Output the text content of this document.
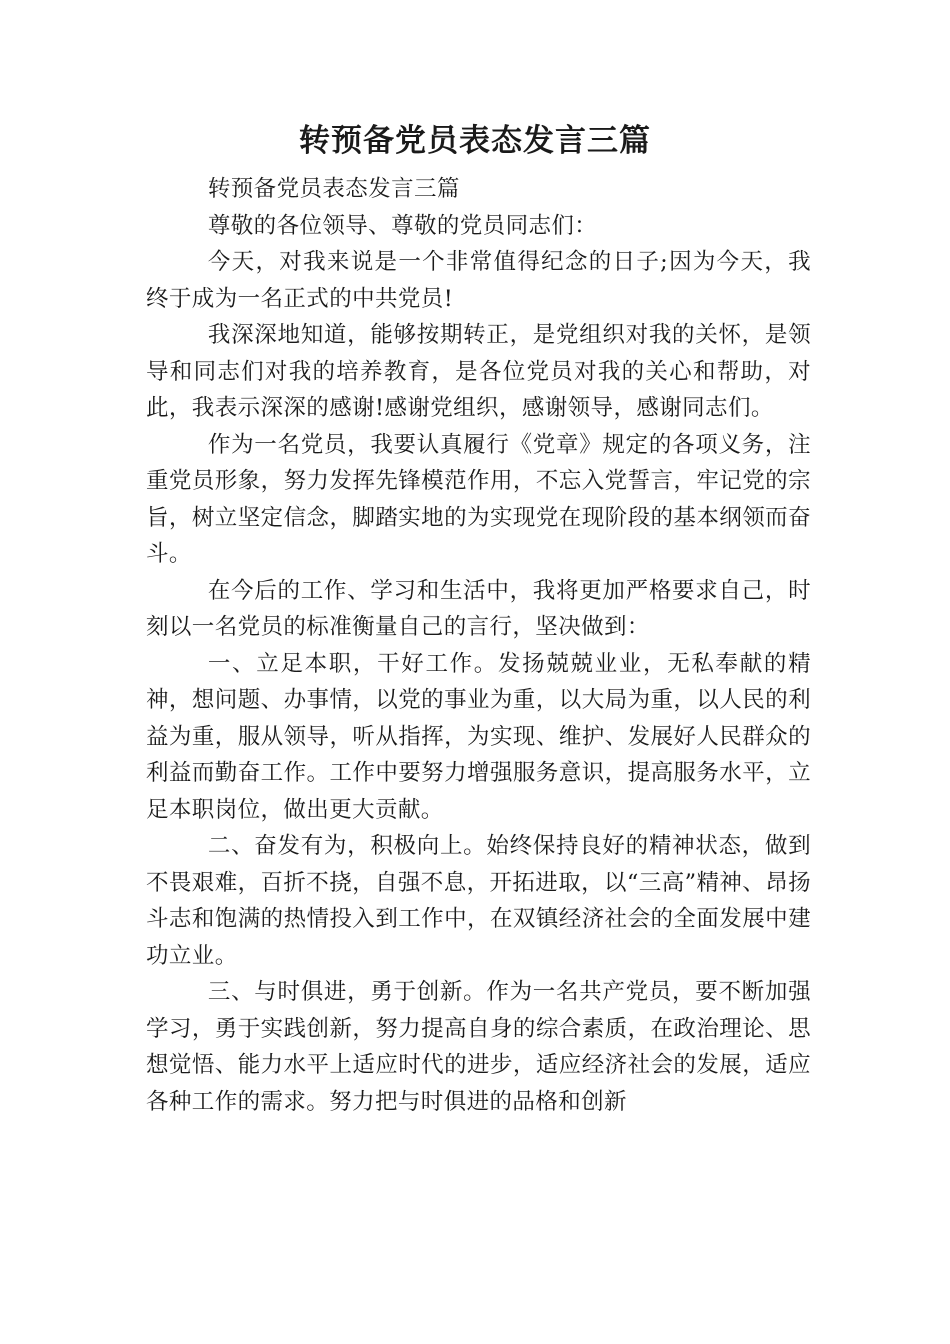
转预备党员表态发言三篇

转预备党员表态发言三篇

尊敬的各位领导、尊敬的党员同志们：

今天，对我来说是一个非常值得纪念的日子;因为今天，我终于成为一名正式的中共党员!

我深深地知道，能够按期转正，是党组织对我的关怀，是领导和同志们对我的培养教育，是各位党员对我的关心和帮助，对此，我表示深深的感谢!感谢党组织，感谢领导，感谢同志们。

作为一名党员，我要认真履行《党章》规定的各项义务，注重党员形象，努力发挥先锋模范作用，不忘入党誓言，牢记党的宗旨，树立坚定信念，脚踏实地的为实现党在现阶段的基本纲领而奋斗。

在今后的工作、学习和生活中，我将更加严格要求自己，时刻以一名党员的标准衡量自己的言行，坚决做到：

一、立足本职，干好工作。发扬兢兢业业，无私奉献的精神，想问题、办事情，以党的事业为重，以大局为重，以人民的利益为重，服从领导，听从指挥，为实现、维护、发展好人民群众的利益而勤奋工作。工作中要努力增强服务意识，提高服务水平，立足本职岗位，做出更大贡献。

二、奋发有为，积极向上。始终保持良好的精神状态，做到不畏艰难，百折不挠，自强不息，开拓进取，以“三高”精神、昂扬斗志和饱满的热情投入到工作中，在双镇经济社会的全面发展中建功立业。

三、与时俱进，勇于创新。作为一名共产党员，要不断加强学习，勇于实践创新，努力提高自身的综合素质，在政治理论、思想觉悟、能力水平上适应时代的进步，适应经济社会的发展，适应各种工作的需求。努力把与时俱进的品格和创新
